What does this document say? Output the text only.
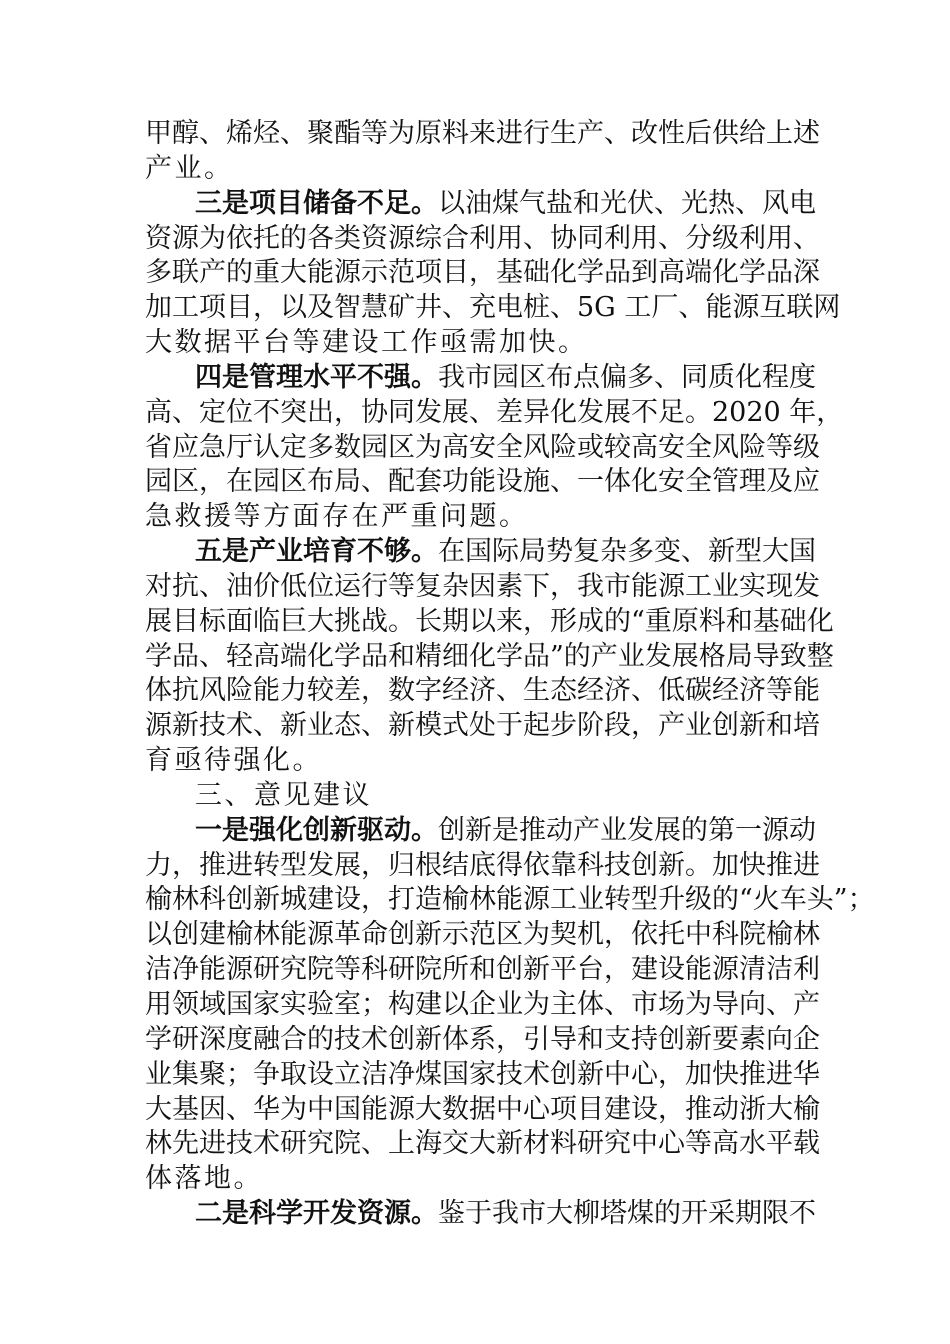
甲醇、烯烃、聚酯等为原料来进行生产、改性后供给上述
产业。
三是项目储备不足。以油煤气盐和光伏、光热、风电
资源为依托的各类资源综合利用、协同利用、分级利用、
多联产的重大能源示范项目，基础化学品到高端化学品深
加工项目，以及智慧矿井、充电桩、5G 工厂、能源互联网
大数据平台等建设工作亟需加快。
四是管理水平不强。我市园区布点偏多、同质化程度
高、定位不突出，协同发展、差异化发展不足。2020 年，
省应急厅认定多数园区为高安全风险或较高安全风险等级
园区，在园区布局、配套功能设施、一体化安全管理及应
急救援等方面存在严重问题。
五是产业培育不够。在国际局势复杂多变、新型大国
对抗、油价低位运行等复杂因素下，我市能源工业实现发
展目标面临巨大挑战。长期以来，形成的“重原料和基础化
学品、轻高端化学品和精细化学品”的产业发展格局导致整
体抗风险能力较差，数字经济、生态经济、低碳经济等能
源新技术、新业态、新模式处于起步阶段，产业创新和培
育亟待强化。
三、意见建议
一是强化创新驱动。创新是推动产业发展的第一源动
力，推进转型发展，归根结底得依靠科技创新。加快推进
榆林科创新城建设，打造榆林能源工业转型升级的“火车头”；
以创建榆林能源革命创新示范区为契机，依托中科院榆林
洁净能源研究院等科研院所和创新平台，建设能源清洁利
用领域国家实验室；构建以企业为主体、市场为导向、产
学研深度融合的技术创新体系，引导和支持创新要素向企
业集聚；争取设立洁净煤国家技术创新中心，加快推进华
大基因、华为中国能源大数据中心项目建设，推动浙大榆
林先进技术研究院、上海交大新材料研究中心等高水平载
体落地。
二是科学开发资源。鉴于我市大柳塔煤的开采期限不
